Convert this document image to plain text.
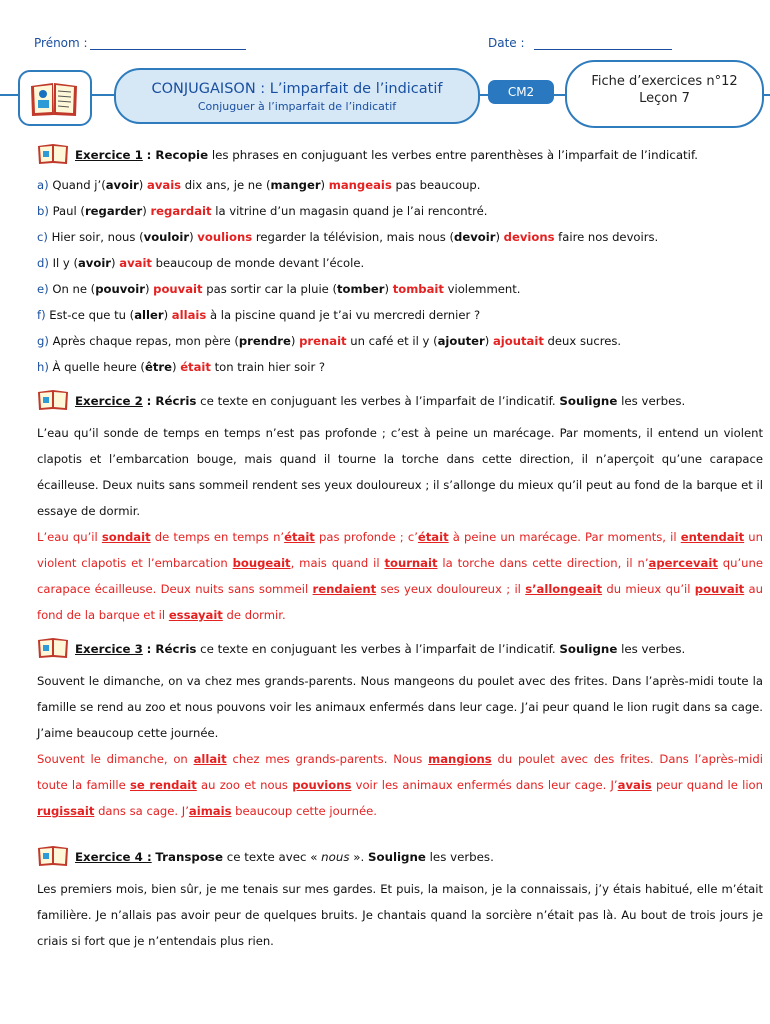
Prénom :	Date :
CONJUGAISON : L’imparfait de l’indicatif
Conjuguer à l’imparfait de l’indicatif
CM2
Fiche d’exercices n°12
Leçon 7
Exercice 1 : Recopie les phrases en conjuguant les verbes entre parenthèses à l’imparfait de l’indicatif.

a) Quand j’(avoir) avais dix ans, je ne (manger) mangeais pas beaucoup.

b) Paul (regarder) regardait la vitrine d’un magasin quand je l’ai rencontré.

c) Hier soir, nous (vouloir) voulions regarder la télévision, mais nous (devoir) devions faire nos devoirs.

d) Il y (avoir) avait beaucoup de monde devant l’école.

e) On ne (pouvoir) pouvait pas sortir car la pluie (tomber) tombait violemment.

f) Est-ce que tu (aller) allais à la piscine quand je t’ai vu mercredi dernier ?

g) Après chaque repas, mon père (prendre) prenait un café et il y (ajouter) ajoutait deux sucres.

h) À quelle heure (être) était ton train hier soir ?

Exercice 2 : Récris ce texte en conjuguant les verbes à l’imparfait de l’indicatif. Souligne les verbes.

L’eau qu’il sonde de temps en temps n’est pas profonde ; c’est à peine un marécage. Par moments, il entend un violent clapotis et l’embarcation bouge, mais quand il tourne la torche dans cette direction, il n’aperçoit qu’une carapace écailleuse. Deux nuits sans sommeil rendent ses yeux douloureux ; il s’allonge du mieux qu’il peut au fond de la barque et il essaye de dormir.

L’eau qu’il sondait de temps en temps n’était pas profonde ; c’était à peine un marécage. Par moments, il entendait un violent clapotis et l’embarcation bougeait, mais quand il tournait la torche dans cette direction, il n’apercevait qu’une carapace écailleuse. Deux nuits sans sommeil rendaient ses yeux douloureux ; il s’allongeait du mieux qu’il pouvait au fond de la barque et il essayait de dormir.

Exercice 3 : Récris ce texte en conjuguant les verbes à l’imparfait de l’indicatif. Souligne les verbes.

Souvent le dimanche, on va chez mes grands-parents. Nous mangeons du poulet avec des frites. Dans l’après-midi toute la famille se rend au zoo et nous pouvons voir les animaux enfermés dans leur cage. J’ai peur quand le lion rugit dans sa cage. J’aime beaucoup cette journée.

Souvent le dimanche, on allait chez mes grands-parents. Nous mangions du poulet avec des frites. Dans l’après-midi toute la famille se rendait au zoo et nous pouvions voir les animaux enfermés dans leur cage. J’avais peur quand le lion rugissait dans sa cage. J’aimais beaucoup cette journée.

Exercice 4 : Transpose ce texte avec « nous ». Souligne les verbes.

Les premiers mois, bien sûr, je me tenais sur mes gardes. Et puis, la maison, je la connaissais, j’y étais habitué, elle m’était familière. Je n’allais pas avoir peur de quelques bruits. Je chantais quand la sorcière n’était pas là. Au bout de trois jours je criais si fort que je n’entendais plus rien.
